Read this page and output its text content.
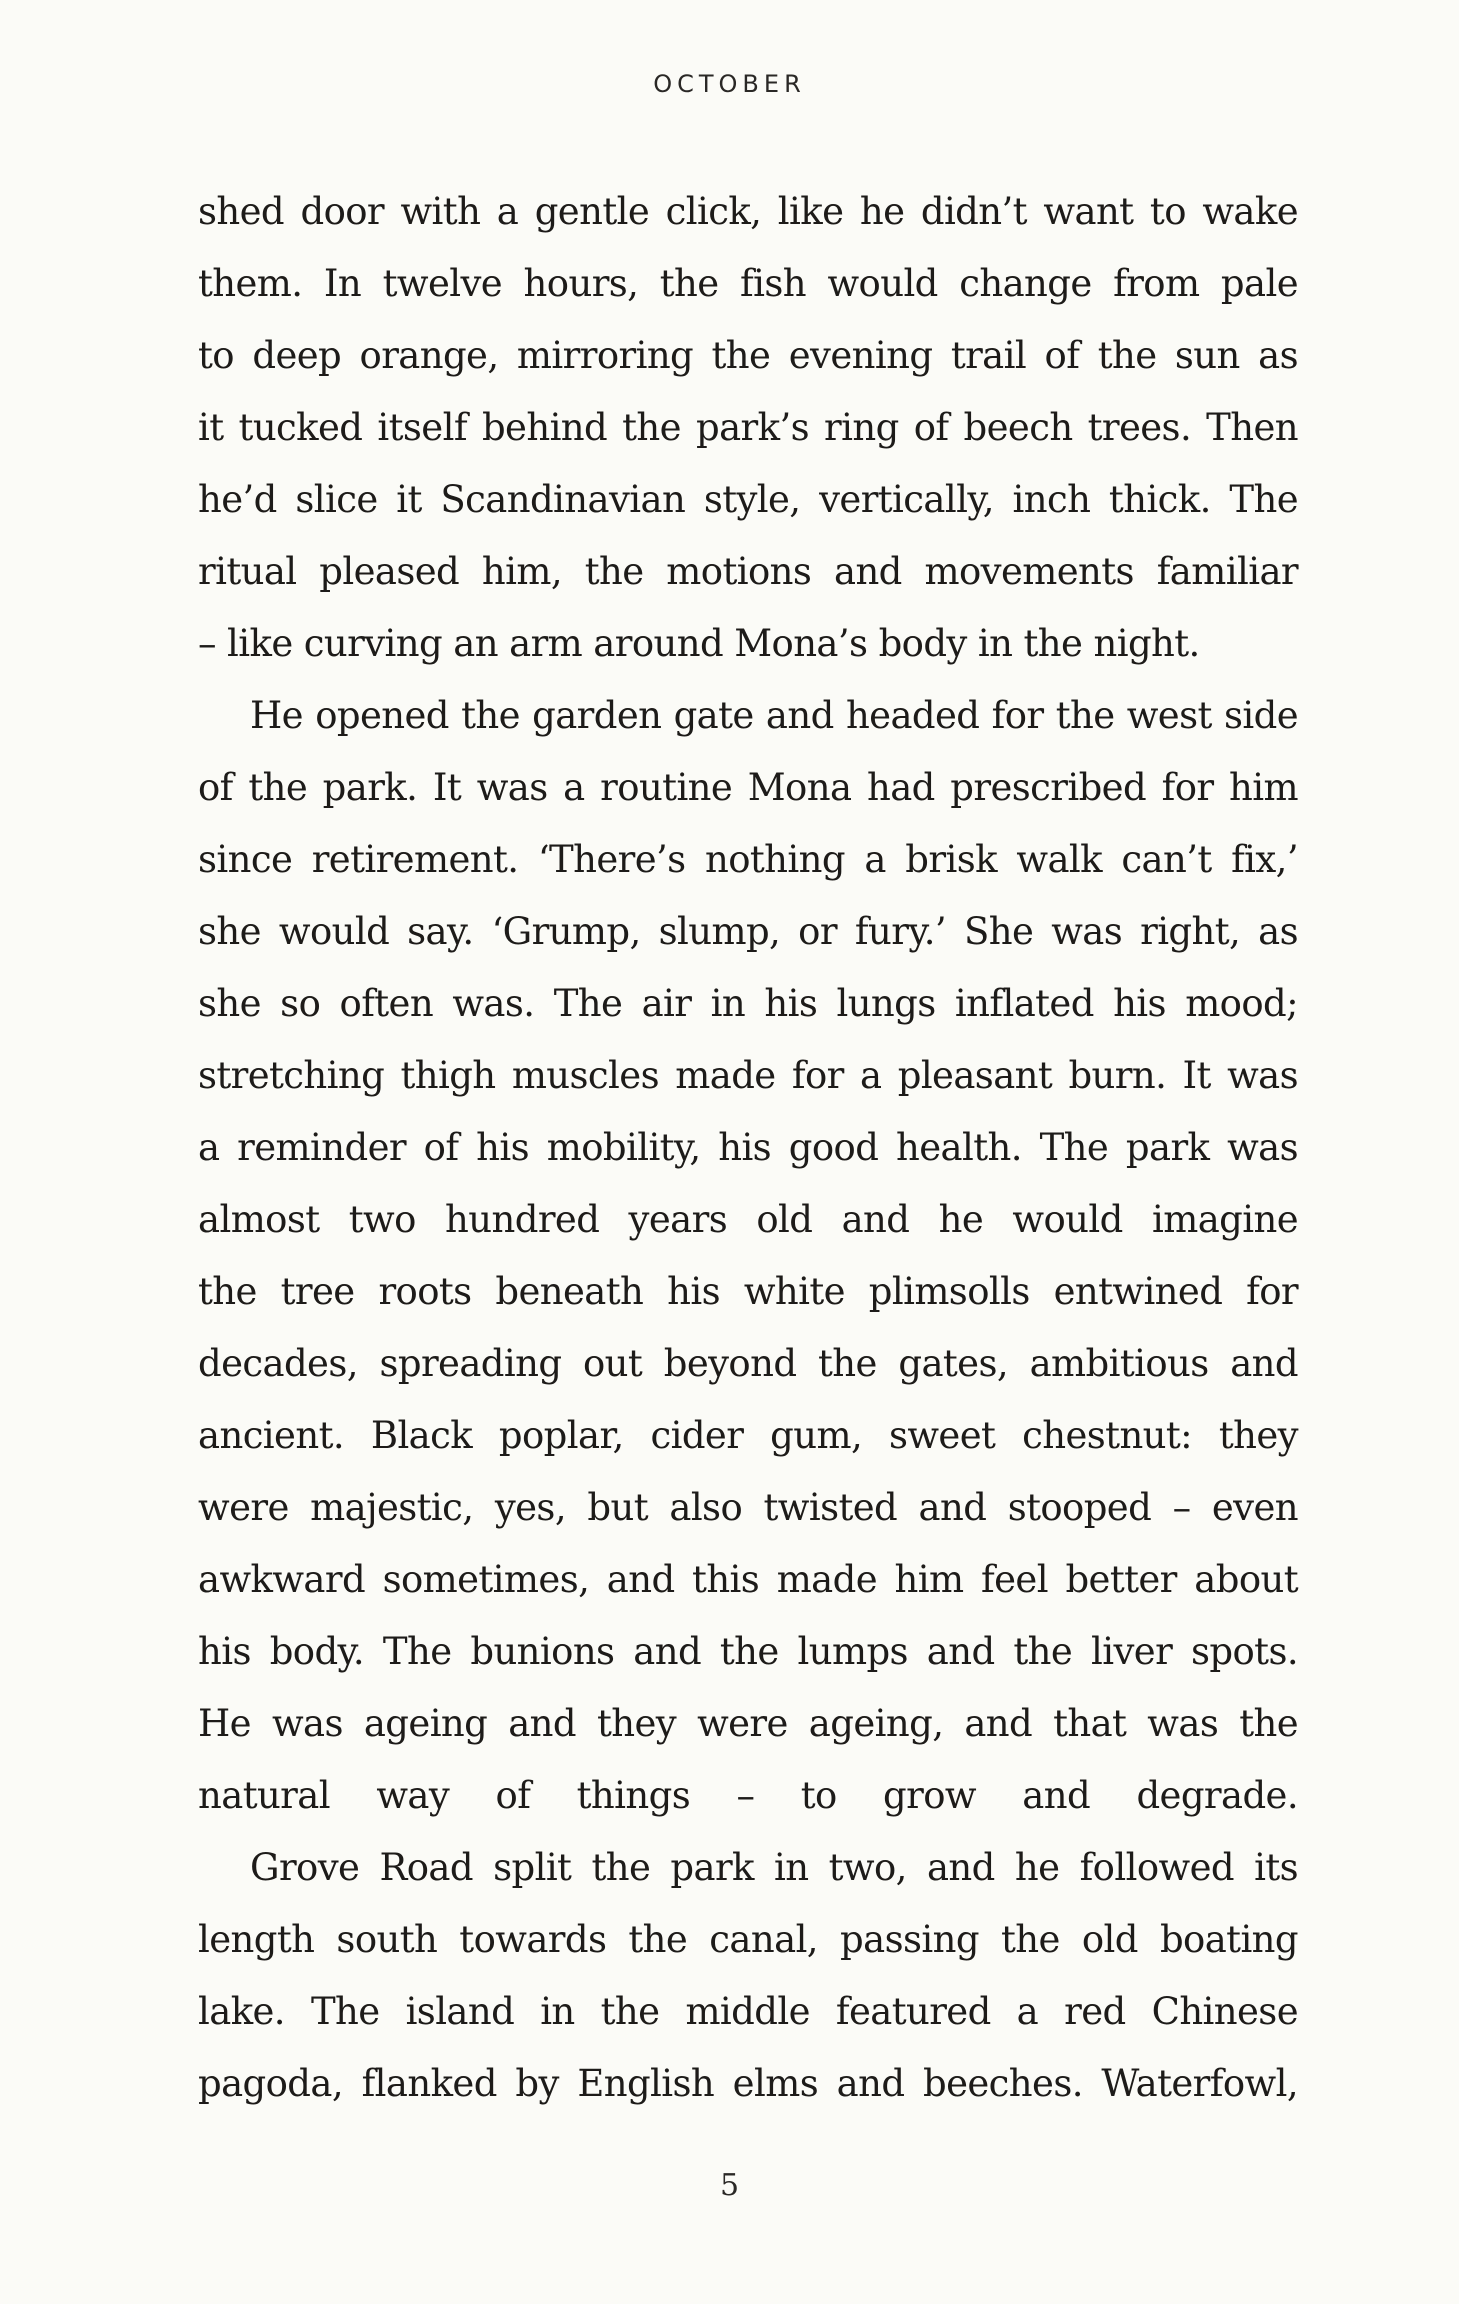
OCTOBER

shed door with a gentle click, like he didn’t want to wake
them. In twelve hours, the fish would change from pale
to deep orange, mirroring the evening trail of the sun as
it tucked itself behind the park’s ring of beech trees. Then
he’d slice it Scandinavian style, vertically, inch thick. The
ritual pleased him, the motions and movements familiar
– like curving an arm around Mona’s body in the night.

He opened the garden gate and headed for the west side
of the park. It was a routine Mona had prescribed for him
since retirement. ‘There’s nothing a brisk walk can’t fix,’
she would say. ‘Grump, slump, or fury.’ She was right, as
she so often was. The air in his lungs inflated his mood;
stretching thigh muscles made for a pleasant burn. It was
a reminder of his mobility, his good health. The park was
almost two hundred years old and he would imagine
the tree roots beneath his white plimsolls entwined for
decades, spreading out beyond the gates, ambitious and
ancient. Black poplar, cider gum, sweet chestnut: they
were majestic, yes, but also twisted and stooped – even
awkward sometimes, and this made him feel better about
his body. The bunions and the lumps and the liver spots.
He was ageing and they were ageing, and that was the
natural way of things – to grow and degrade.

Grove Road split the park in two, and he followed its
length south towards the canal, passing the old boating
lake. The island in the middle featured a red Chinese
pagoda, flanked by English elms and beeches. Waterfowl,

5
